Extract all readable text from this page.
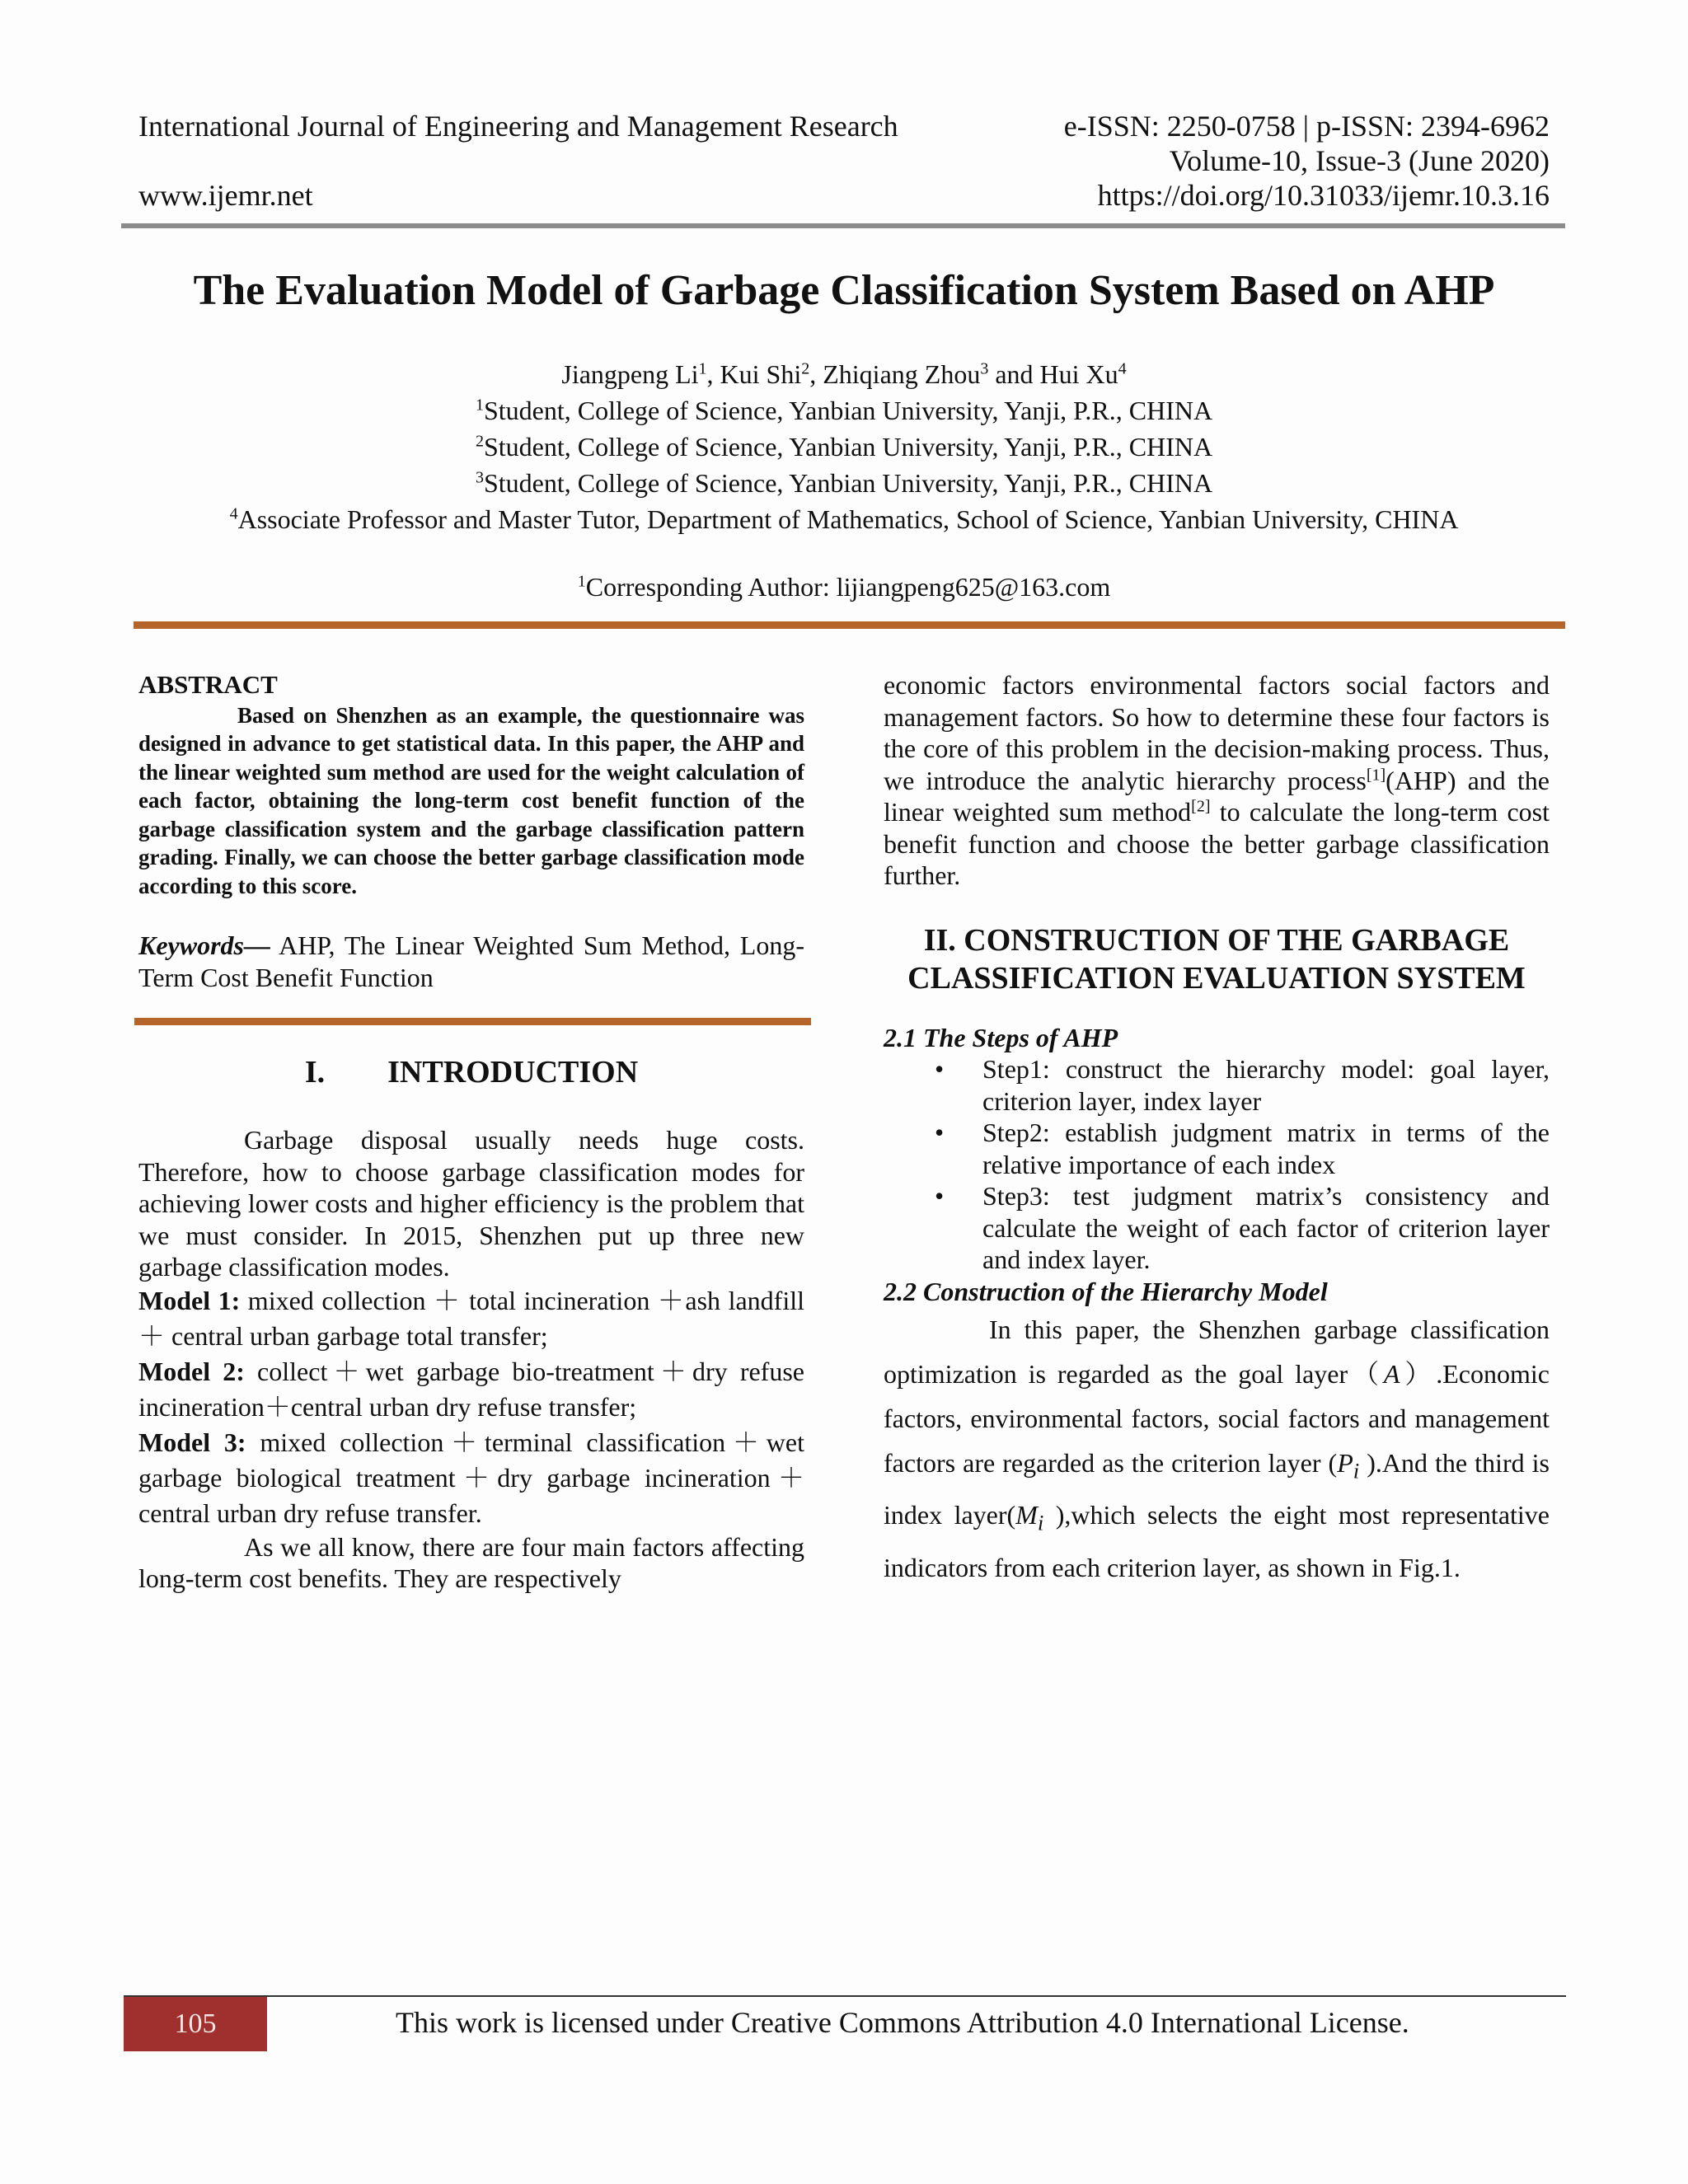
International Journal of Engineering and Management Research	e-ISSN: 2250-0758 | p-ISSN: 2394-6962
Volume-10, Issue-3 (June 2020)
www.ijemr.net	https://doi.org/10.31033/ijemr.10.3.16
The Evaluation Model of Garbage Classification System Based on AHP
Jiangpeng Li$^1$, Kui Shi$^2$, Zhiqiang Zhou$^3$ and Hui Xu$^4$
$^1$Student, College of Science, Yanbian University, Yanji, P.R., CHINA
$^2$Student, College of Science, Yanbian University, Yanji, P.R., CHINA
$^3$Student, College of Science, Yanbian University, Yanji, P.R., CHINA
$^4$Associate Professor and Master Tutor, Department of Mathematics, School of Science, Yanbian University, CHINA
$^1$Corresponding Author: lijiangpeng625@163.com
ABSTRACT

Based on Shenzhen as an example, the questionnaire was designed in advance to get statistical data. In this paper, the AHP and the linear weighted sum method are used for the weight calculation of each factor, obtaining the long-term cost benefit function of the garbage classification system and the garbage classification pattern grading. Finally, we can choose the better garbage classification mode according to this score.

Keywords— AHP, The Linear Weighted Sum Method, Long-Term Cost Benefit Function

I.        INTRODUCTION

Garbage disposal usually needs huge costs. Therefore, how to choose garbage classification modes for achieving lower costs and higher efficiency is the problem that we must consider. In 2015, Shenzhen put up three new garbage classification modes.

Model 1: mixed collection ＋ total incineration ＋ash landfill ＋ central urban garbage total transfer;

Model 2: collect＋wet garbage bio-treatment＋dry refuse incineration＋central urban dry refuse transfer;

Model 3: mixed collection＋terminal classification＋wet garbage biological treatment＋dry garbage incineration＋central urban dry refuse transfer.

As we all know, there are four main factors affecting long-term cost benefits. They are respectively

economic factors environmental factors social factors and management factors. So how to determine these four factors is the core of this problem in the decision-making process. Thus, we introduce the analytic hierarchy process[1](AHP) and the linear weighted sum method[2] to calculate the long-term cost benefit function and choose the better garbage classification further.

II. CONSTRUCTION OF THE GARBAGE CLASSIFICATION EVALUATION SYSTEM
2.1 The Steps of AHP
• Step1: construct the hierarchy model: goal layer, criterion layer, index layer
• Step2: establish judgment matrix in terms of the relative importance of each index
• Step3: test judgment matrix’s consistency and calculate the weight of each factor of criterion layer and index layer.
2.2 Construction of the Hierarchy Model

In this paper, the Shenzhen garbage classification optimization is regarded as the goal layer（A）.Economic factors, environmental factors, social factors and management factors are regarded as the criterion layer ($P_i$ ).And the third is index $layer(M_i$ ),which selects the eight most representative indicators from each criterion layer, as shown in Fig.1.

105	This work is licensed under Creative Commons Attribution 4.0 International License.
